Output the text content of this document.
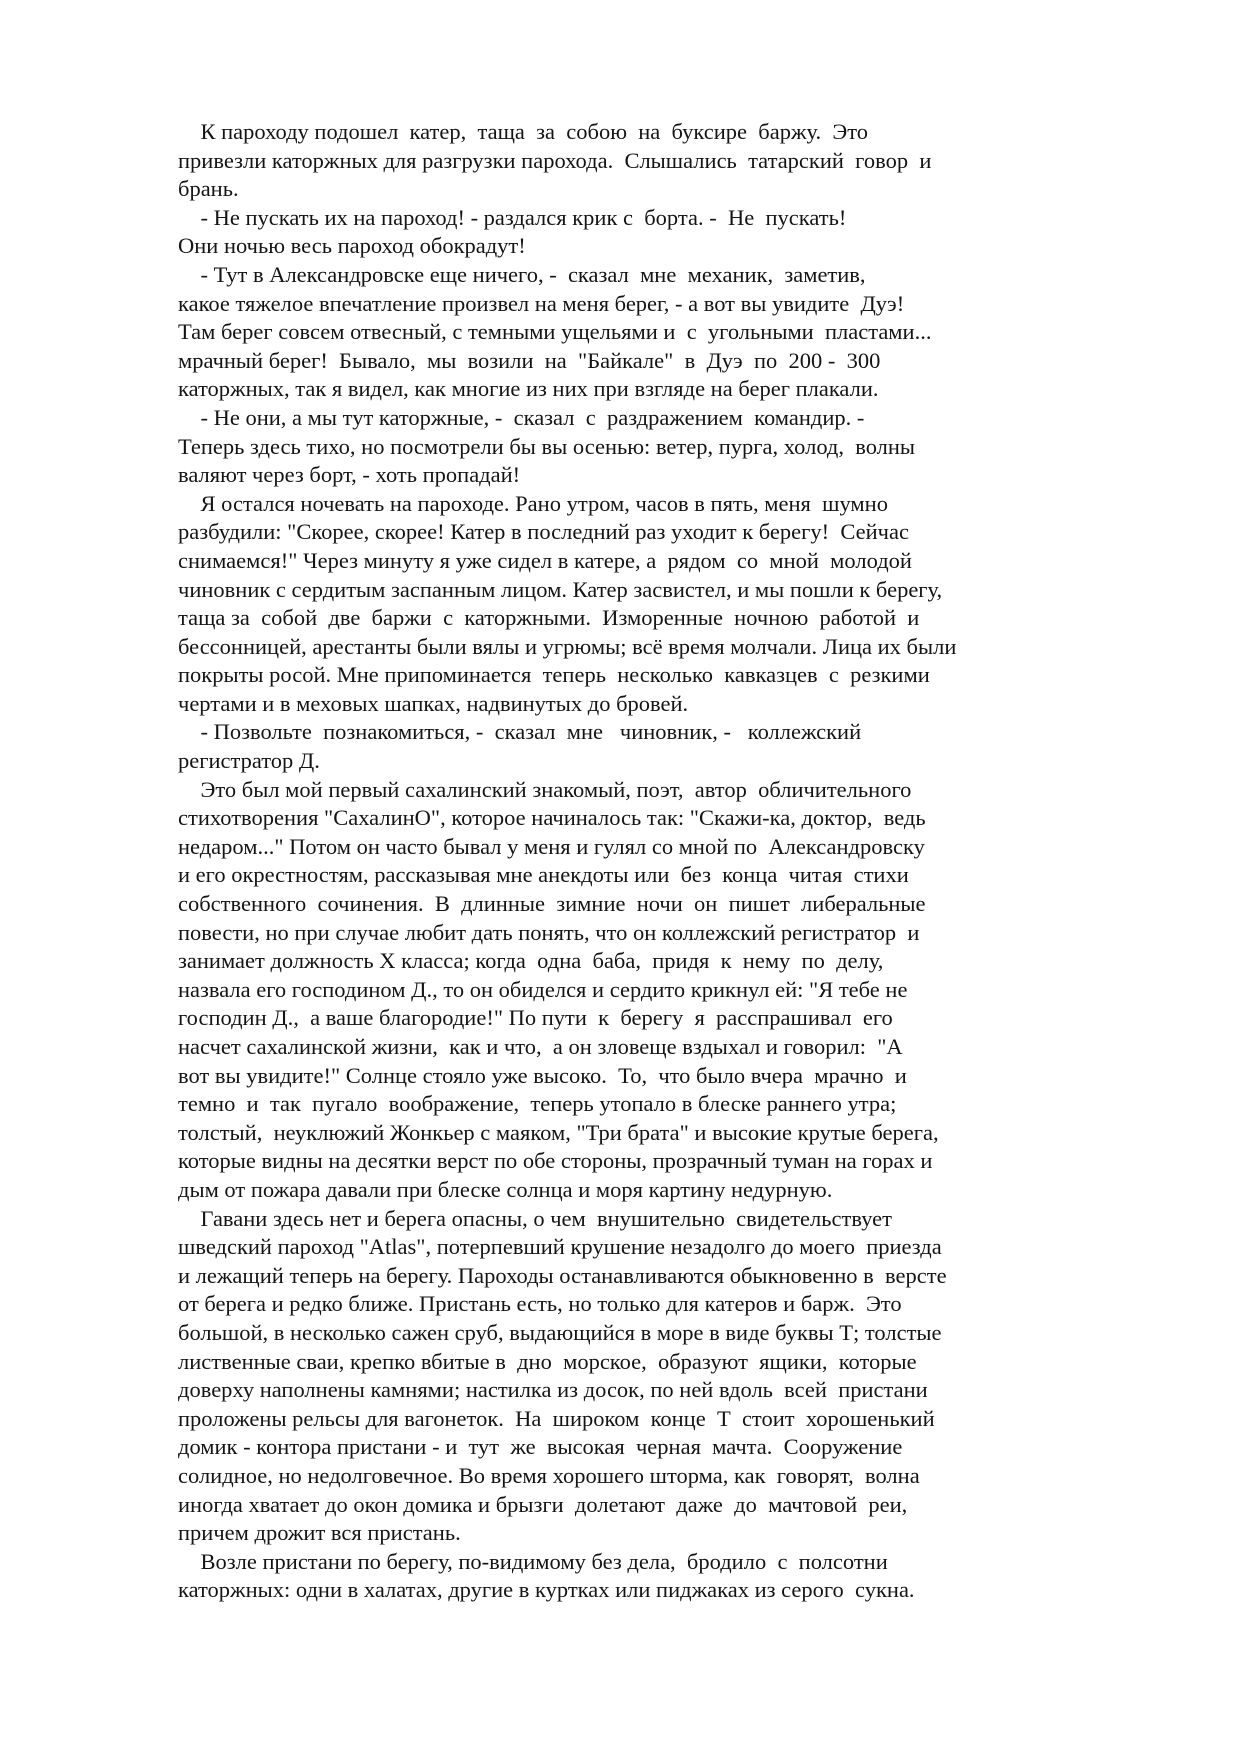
К пароходу подошел  катер,  таща  за  собою  на  буксире  баржу.  Это
привезли каторжных для разгрузки парохода.  Слышались  татарский  говор  и
брань.
- Не пускать их на пароход! - раздался крик с  борта. -  Не  пускать!
Они ночью весь пароход обокрадут!
- Тут в Александровске еще ничего, -  сказал  мне  механик,  заметив,
какое тяжелое впечатление произвел на меня берег, - а вот вы увидите  Дуэ!
Там берег совсем отвесный, с темными ущельями и  с  угольными  пластами...
мрачный берег!  Бывало,  мы  возили  на  "Байкале"  в  Дуэ  по  200 -  300
каторжных, так я видел, как многие из них при взгляде на берег плакали.
- Не они, а мы тут каторжные, -  сказал  с  раздражением  командир. -
Теперь здесь тихо, но посмотрели бы вы осенью: ветер, пурга, холод,  волны
валяют через борт, - хоть пропадай!
Я остался ночевать на пароходе. Рано утром, часов в пять, меня  шумно
разбудили: "Скорее, скорее! Катер в последний раз уходит к берегу!  Сейчас
снимаемся!" Через минуту я уже сидел в катере, а  рядом  со  мной  молодой
чиновник с сердитым заспанным лицом. Катер засвистел, и мы пошли к берегу,
таща за  собой  две  баржи  с  каторжными.  Изморенные  ночною  работой  и
бессонницей, арестанты были вялы и угрюмы; всё время молчали. Лица их были
покрыты росой. Мне припоминается  теперь  несколько  кавказцев  с  резкими
чертами и в меховых шапках, надвинутых до бровей.
- Позвольте  познакомиться, -  сказал  мне   чиновник, -   коллежский
регистратор Д.
Это был мой первый сахалинский знакомый, поэт,  автор  обличительного
стихотворения "СахалинО", которое начиналось так: "Скажи-ка, доктор,  ведь
недаром..." Потом он часто бывал у меня и гулял со мной по  Александровску
и его окрестностям, рассказывая мне анекдоты или  без  конца  читая  стихи
собственного  сочинения.  В  длинные  зимние  ночи  он  пишет  либеральные
повести, но при случае любит дать понять, что он коллежский регистратор  и
занимает должность X класса; когда  одна  баба,  придя  к  нему  по  делу,
назвала его господином Д., то он обиделся и сердито крикнул ей: "Я тебе не
господин Д.,  а ваше благородие!" По пути  к  берегу  я  расспрашивал  его
насчет сахалинской жизни,  как и что,  а он зловеще вздыхал и говорил:  "А
вот вы увидите!" Солнце стояло уже высоко.  То,  что было вчера  мрачно  и
темно  и  так  пугало  воображение,  теперь утопало в блеске раннего утра;
толстый,  неуклюжий Жонкьер с маяком, "Три брата" и высокие крутые берега,
которые видны на десятки верст по обе стороны, прозрачный туман на горах и
дым от пожара давали при блеске солнца и моря картину недурную.
Гавани здесь нет и берега опасны, о чем  внушительно  свидетельствует
шведский пароход "Atlas", потерпевший крушение незадолго до моего  приезда
и лежащий теперь на берегу. Пароходы останавливаются обыкновенно в  версте
от берега и редко ближе. Пристань есть, но только для катеров и барж.  Это
большой, в несколько сажен сруб, выдающийся в море в виде буквы Т; толстые
лиственные сваи, крепко вбитые в  дно  морское,  образуют  ящики,  которые
доверху наполнены камнями; настилка из досок, по ней вдоль  всей  пристани
проложены рельсы для вагонеток.  На  широком  конце  Т  стоит  хорошенький
домик - контора пристани - и  тут  же  высокая  черная  мачта.  Сооружение
солидное, но недолговечное. Во время хорошего шторма, как  говорят,  волна
иногда хватает до окон домика и брызги  долетают  даже  до  мачтовой  реи,
причем дрожит вся пристань.
Возле пристани по берегу, по-видимому без дела,  бродило  с  полсотни
каторжных: одни в халатах, другие в куртках или пиджаках из серого  сукна.
